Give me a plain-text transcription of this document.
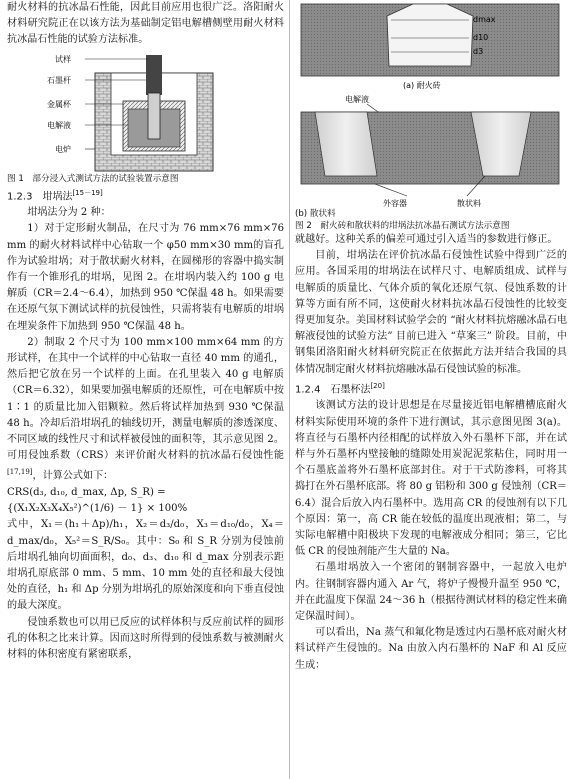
耐火材料的抗冰晶石性能，因此目前应用也很广泛。洛阳耐火材料研究院正在以该方法为基础制定铝电解槽侧壁用耐火材料抗冰晶石性能的试验方法标准。

试样
石墨杆
金属杯
电解液
电炉

图 1　部分浸入式测试方法的试验装置示意图

1.2.3　 坩埚法[15－19]

坩埚法分为 2 种：

1）对于定形耐火制品，在尺寸为 76 mm×76 mm×76 mm 的耐火材料试样中心钻取一个 φ50 mm×30 mm的盲孔作为试验坩埚；对于散状耐火材料，在圆梯形的容器中捣实制作有一个锥形孔的坩埚，见图 2。在坩埚内装入约 100 g 电解质（CR＝2.4～6.4），加热到 950 ℃保温 48 h。如果需要在还原气氛下测试试样的抗侵蚀性，只需将装有电解质的坩埚在埋炭条件下加热到 950 ℃保温 48 h。

2）制取 2 个尺寸为 100 mm×100 mm×64 mm 的方形试样，在其中一个试样的中心钻取一直径 40 mm 的通孔，然后把它放在另一个试样的上面。在孔里装入 40 g 电解质（CR＝6.32），如果要加强电解质的还原性，可在电解质中按 1∶1 的质量比加入铝颗粒。然后将试样加热到 930 ℃保温 48 h。冷却后沿坩埚孔的轴线切开，测量电解质的渗透深度、不同区域的线性尺寸和试样被侵蚀的面积等，其示意见图 2。可用侵蚀系数（CRS）来评价耐火材料的抗冰晶石侵蚀性能[17,19]，计算公式如下：

CRS(d₃, d₁₀, d_max, Δp, S_R) =

{(X₁X₂X₃X₄X₅²)^(1/6) － 1} × 100%

式中，X₁＝(h₁＋Δp)/h₁，X₂＝d₃/d₀，X₃＝d₁₀/d₀，X₄＝d_max/d₀，X₅²＝S_R/S₀。其中：S₀ 和 S_R 分别为侵蚀前后坩埚孔轴向切面面积，d₀、d₃、d₁₀ 和 d_max 分别表示距坩埚孔原底部 0 mm、5 mm、10 mm 处的直径和最大侵蚀处的直径，h₁ 和 Δp 分别为坩埚孔的原始深度和向下垂直侵蚀的最大深度。

侵蚀系数也可以用已反应的试样体积与反应前试样的圆形孔的体积之比来计算。因而这时所得到的侵蚀系数与被测耐火材料的体积密度有紧密联系，

dmax
d10
d3
(a) 耐火砖
电解液
外容器	散状料

(b) 散状料

图 2　耐火砖和散状料的坩埚法抗冰晶石测试方法示意图

就越好。这种关系的偏差可通过引入适当的参数进行修正。

目前，坩埚法在评价抗冰晶石侵蚀性试验中得到广泛的应用。各国采用的坩埚法在试样尺寸、电解质组成、试样与电解质的质量比、气体介质的氧化还原气氛、侵蚀系数的计算等方面有所不同，这使耐火材料抗冰晶石侵蚀性的比较变得更加复杂。美国材料试验学会的 “耐火材料抗熔融冰晶石电解液侵蚀的试验方法” 目前已进入 “草案三” 阶段。目前，中钢集团洛阳耐火材料研究院正在依据此方法并结合我国的具体情况制定耐火材料抗熔融冰晶石侵蚀试验的标准。

1.2.4　 石墨杯法[20]

该测试方法的设计思想是在尽量接近铝电解槽槽底耐火材料实际使用环境的条件下进行测试，其示意图见图 3(a)。将直径与石墨杯内径相配的试样放入外石墨杯下部，并在试样与外石墨杯内壁接触的缝隙处用炭泥泥浆粘住，同时用一个石墨底盖将外石墨杯底部封住。对于干式防渗料，可将其捣打在外石墨杯底部。将 80 g 铝粉和 300 g 侵蚀剂（CR＝6.4）混合后放入内石墨杯中。选用高 CR 的侵蚀剂有以下几个原因：第一，高 CR 能在较低的温度出现液相；第二，与实际电解槽中阳极块下发现的电解液成分相同；第三，它比低 CR 的侵蚀剂能产生大量的 Na。

石墨坩埚放入一个密闭的钢制容器中，一起放入电炉内。往钢制容器内通入 Ar 气，将炉子慢慢升温至 950 ℃，并在此温度下保温 24～36 h（根据待测试材料的稳定性来确定保温时间）。

可以看出，Na 蒸气和氟化物是透过内石墨杯底对耐火材料试样产生侵蚀的。Na 由放入内石墨杯的 NaF 和 Al 反应生成：
